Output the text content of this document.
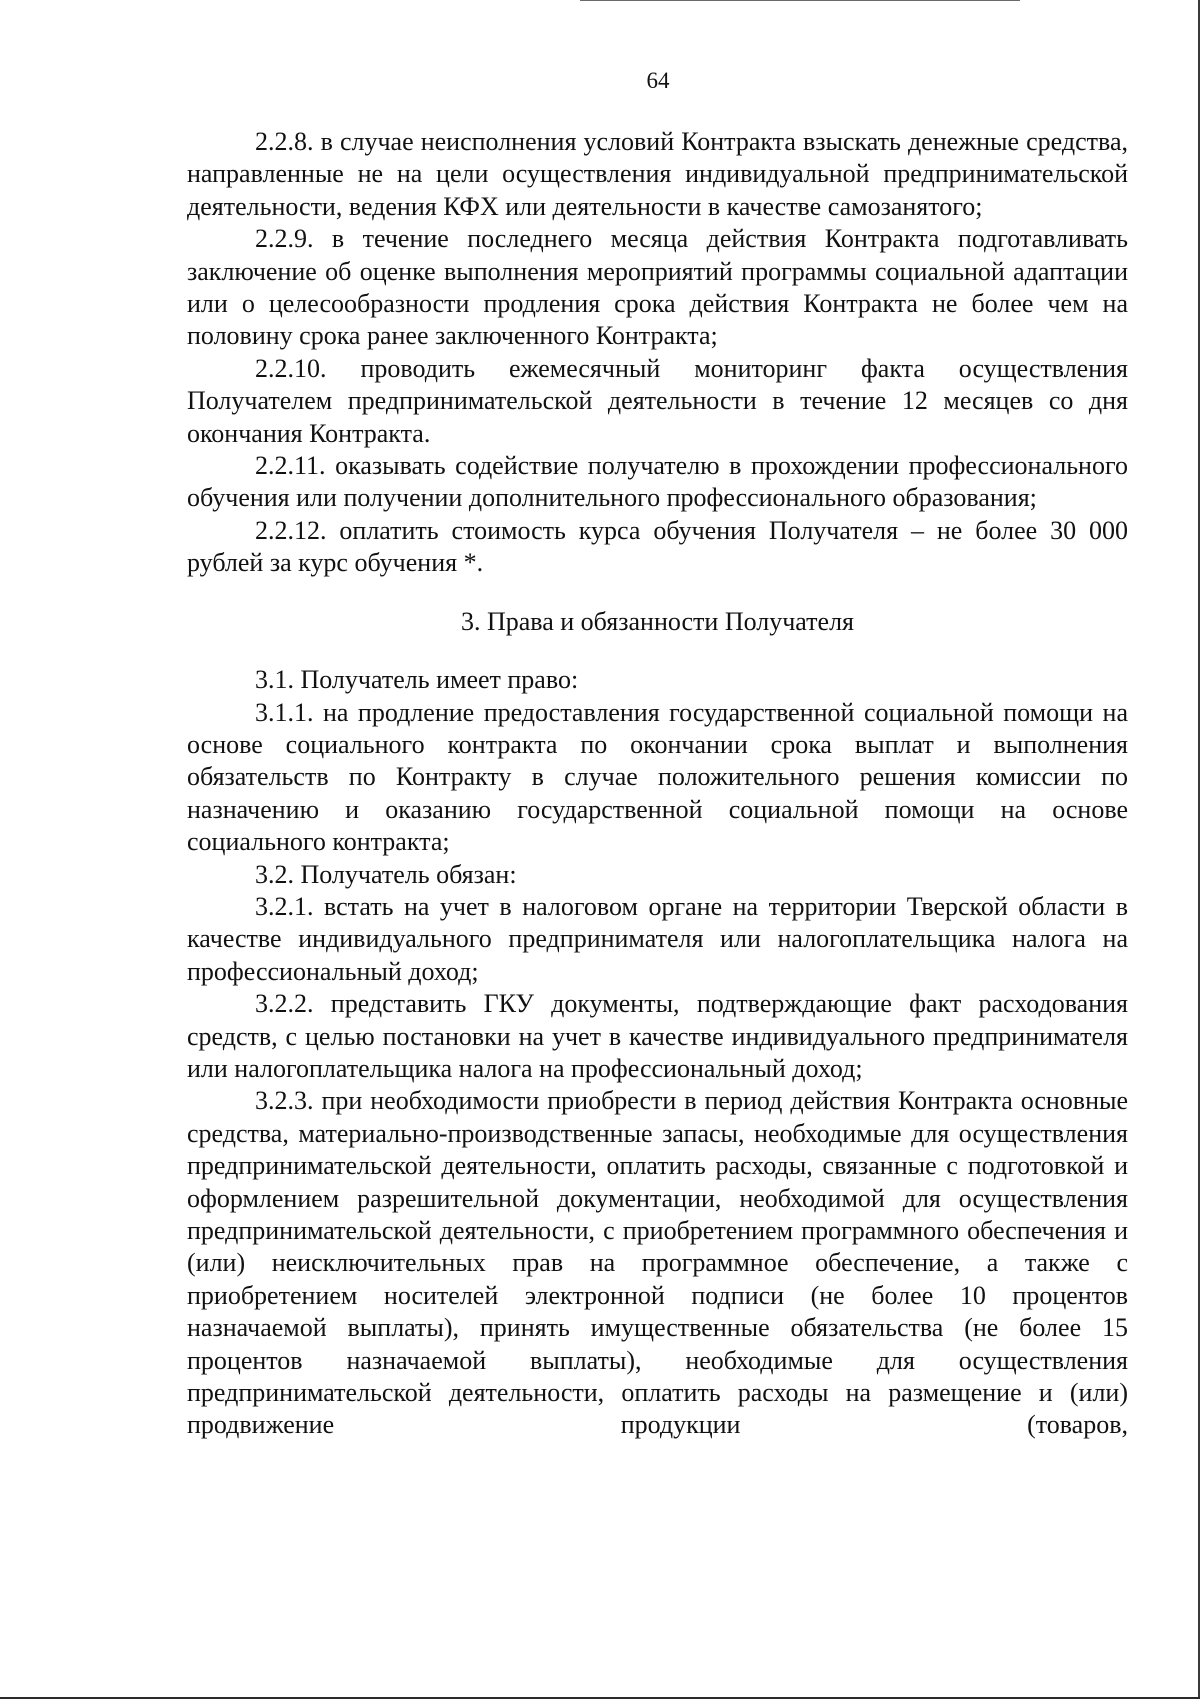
64

2.2.8. в случае неисполнения условий Контракта взыскать денежные средства, направленные не на цели осуществления индивидуальной предпринимательской деятельности, ведения КФХ или деятельности в качестве самозанятого;

2.2.9. в течение последнего месяца действия Контракта подготавливать заключение об оценке выполнения мероприятий программы социальной адаптации или о целесообразности продления срока действия Контракта не более чем на половину срока ранее заключенного Контракта;

2.2.10. проводить ежемесячный мониторинг факта осуществления Получателем предпринимательской деятельности в течение 12 месяцев со дня окончания Контракта.

2.2.11. оказывать содействие получателю в прохождении профессионального обучения или получении дополнительного профессионального образования;

2.2.12. оплатить стоимость курса обучения Получателя – не более 30 000 рублей за курс обучения *.

3. Права и обязанности Получателя

3.1. Получатель имеет право:

3.1.1. на продление предоставления государственной социальной помощи на основе социального контракта по окончании срока выплат и выполнения обязательств по Контракту в случае положительного решения комиссии по назначению и оказанию государственной социальной помощи на основе социального контракта;

3.2. Получатель обязан:

3.2.1. встать на учет в налоговом органе на территории Тверской области в качестве индивидуального предпринимателя или налогоплательщика налога на профессиональный доход;

3.2.2. представить ГКУ документы, подтверждающие факт расходования средств, с целью постановки на учет в качестве индивидуального предпринимателя или налогоплательщика налога на профессиональный доход;

3.2.3. при необходимости приобрести в период действия Контракта основные средства, материально-производственные запасы, необходимые для осуществления предпринимательской деятельности, оплатить расходы, связанные с подготовкой и оформлением разрешительной документации, необходимой для осуществления предпринимательской деятельности, с приобретением программного обеспечения и (или) неисключительных прав на программное обеспечение, а также с приобретением носителей электронной подписи (не более 10 процентов назначаемой выплаты), принять имущественные обязательства (не более 15 процентов назначаемой выплаты), необходимые для осуществления предпринимательской деятельности, оплатить расходы на размещение и (или) продвижение продукции (товаров,
